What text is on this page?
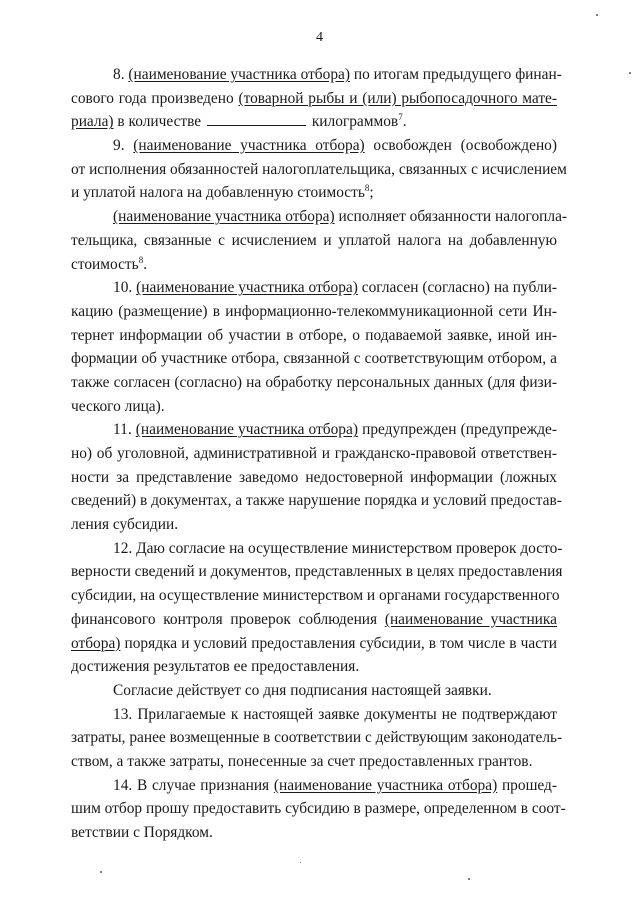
4
8. (наименование участника отбора) по итогам предыдущего финан-
сового года произведено (товарной рыбы и (или) рыбопосадочного мате-
риала) в количестве	килограммов$^7$.
9. (наименование участника отбора) освобожден (освобождено)
от исполнения обязанностей налогоплательщика, связанных с исчислением
и уплатой налога на добавленную стоимость$^8$;
(наименование участника отбора) исполняет обязанности налогопла-
тельщика, связанные с исчислением и уплатой налога на добавленную
стоимость$^8$.
10. (наименование участника отбора) согласен (согласно) на публи-
кацию (размещение) в информационно-телекоммуникационной сети Ин-
тернет информации об участии в отборе, о подаваемой заявке, иной ин-
формации об участнике отбора, связанной с соответствующим отбором, а
также согласен (согласно) на обработку персональных данных (для физи-
ческого лица).
11. (наименование участника отбора) предупрежден (предупрежде-
но) об уголовной, административной и гражданско-правовой ответствен-
ности за представление заведомо недостоверной информации (ложных
сведений) в документах, а также нарушение порядка и условий предостав-
ления субсидии.
12. Даю согласие на осуществление министерством проверок досто-
верности сведений и документов, представленных в целях предоставления
субсидии, на осуществление министерством и органами государственного
финансового контроля проверок соблюдения (наименование участника
отбора) порядка и условий предоставления субсидии, в том числе в части
достижения результатов ее предоставления.
Согласие действует со дня подписания настоящей заявки.
13. Прилагаемые к настоящей заявке документы не подтверждают
затраты, ранее возмещенные в соответствии с действующим законодатель-
ством, а также затраты, понесенные за счет предоставленных грантов.
14. В случае признания (наименование участника отбора) прошед-
шим отбор прошу предоставить субсидию в размере, определенном в соот-
ветствии с Порядком.
